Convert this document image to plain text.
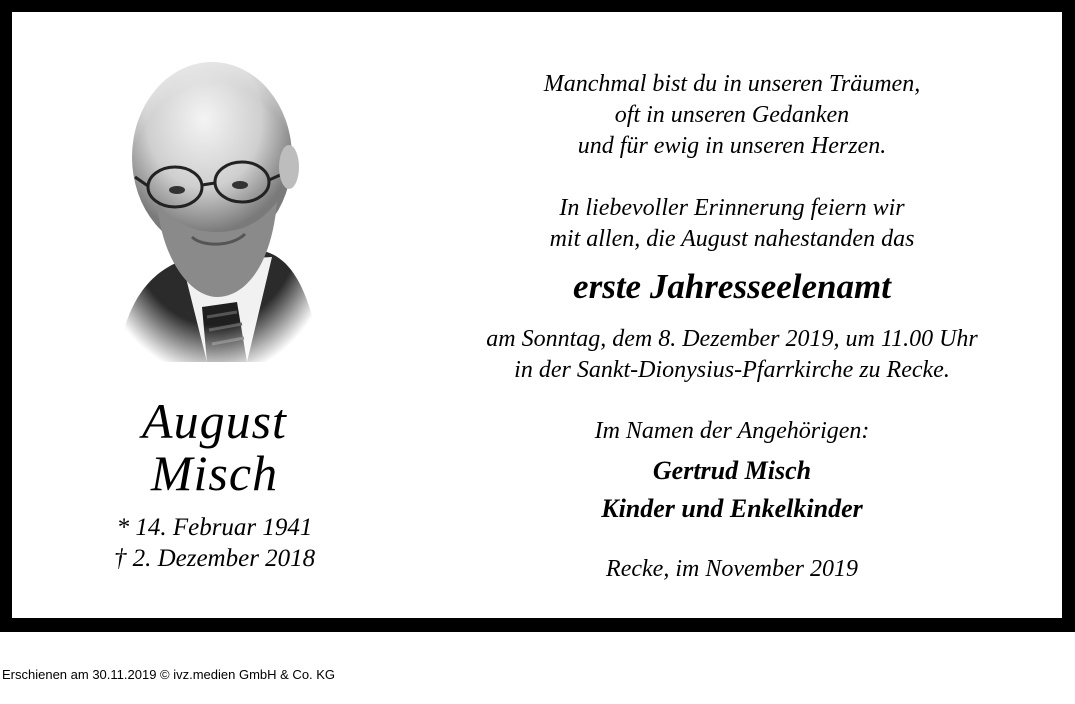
August
Misch
* 14. Februar 1941
† 2. Dezember 2018
Manchmal bist du in unseren Träumen,
oft in unseren Gedanken
und für ewig in unseren Herzen.
In liebevoller Erinnerung feiern wir
mit allen, die August nahestanden das
erste Jahresseelenamt
am Sonntag, dem 8. Dezember 2019, um 11.00 Uhr
in der Sankt-Dionysius-Pfarrkirche zu Recke.
Im Namen der Angehörigen:
Gertrud Misch
Kinder und Enkelkinder
Recke, im November 2019
Erschienen am 30.11.2019 © ivz.medien GmbH & Co. KG
